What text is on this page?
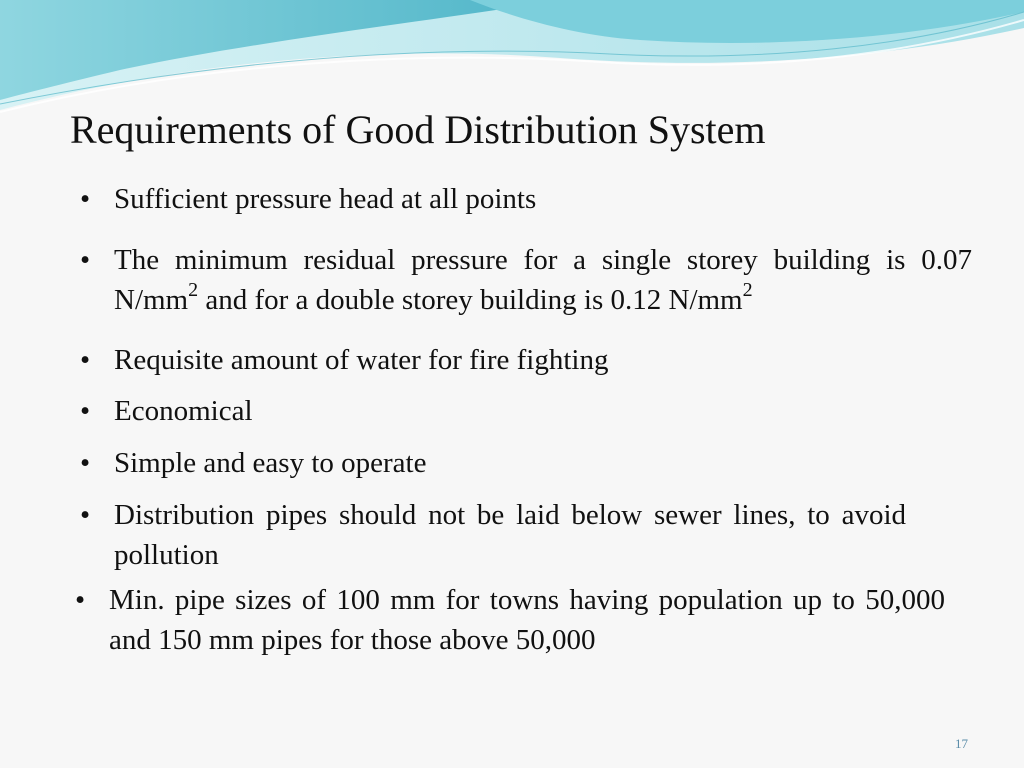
Requirements of Good Distribution System
• Sufficient pressure head at all points
• The minimum residual pressure for a single storey building is 0.07 $N/mm^2$ and for a double storey building is 0.12 $N/mm^2$
• Requisite amount of water for fire fighting
• Economical
• Simple and easy to operate
• Distribution pipes should not be laid below sewer lines, to avoid pollution
• Min. pipe sizes of 100 mm for towns having population up to 50,000 and 150 mm pipes for those above 50,000
17
